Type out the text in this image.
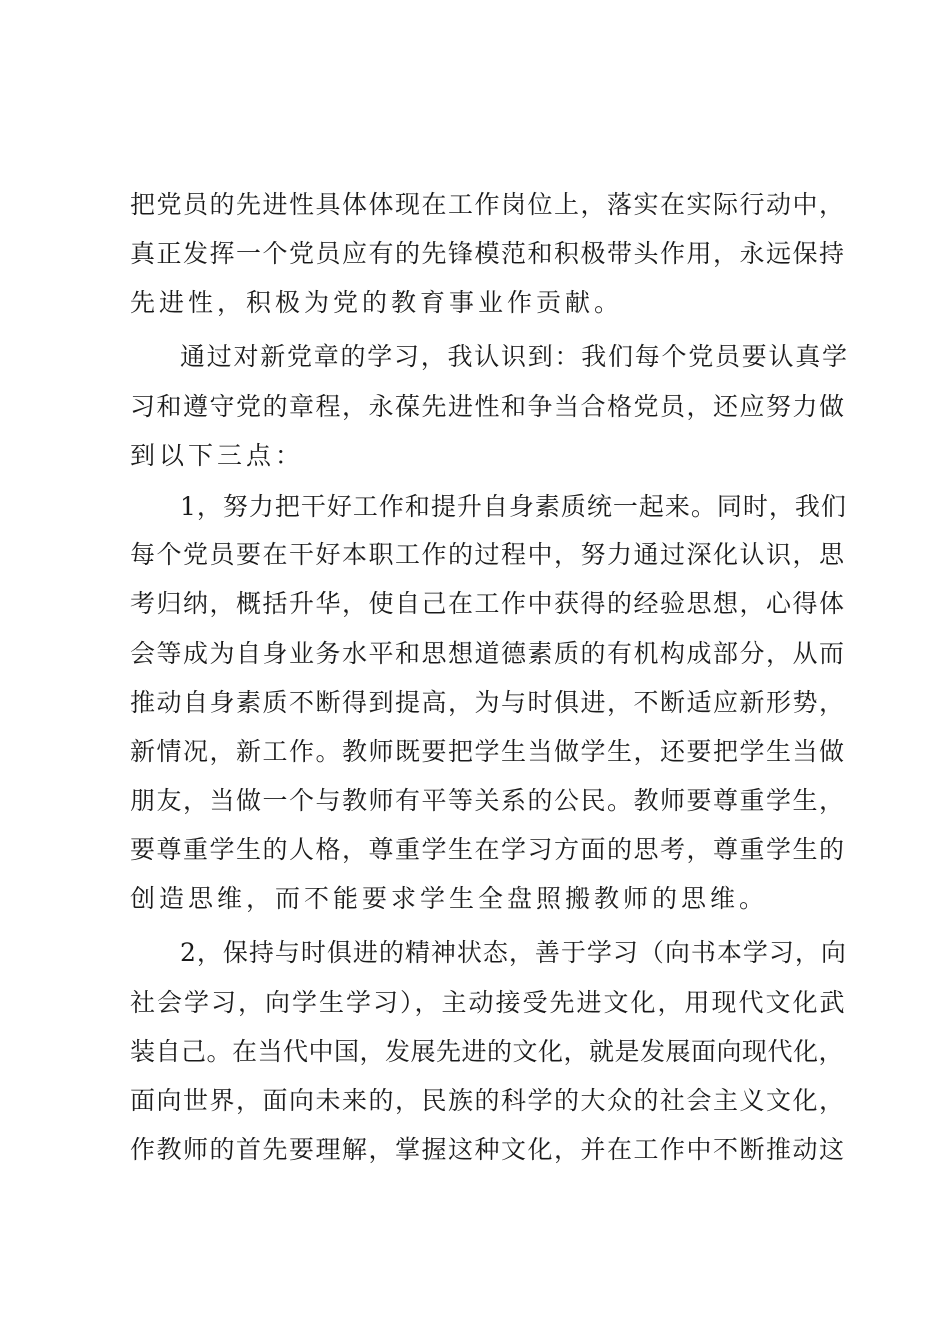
把党员的先进性具体体现在工作岗位上，落实在实际行动中，
真正发挥一个党员应有的先锋模范和积极带头作用，永远保持
先进性，积极为党的教育事业作贡献。
通过对新党章的学习，我认识到：我们每个党员要认真学
习和遵守党的章程，永葆先进性和争当合格党员，还应努力做
到以下三点：
1，努力把干好工作和提升自身素质统一起来。同时，我们
每个党员要在干好本职工作的过程中，努力通过深化认识，思
考归纳，概括升华，使自己在工作中获得的经验思想，心得体
会等成为自身业务水平和思想道德素质的有机构成部分，从而
推动自身素质不断得到提高，为与时俱进，不断适应新形势，
新情况，新工作。教师既要把学生当做学生，还要把学生当做
朋友，当做一个与教师有平等关系的公民。教师要尊重学生，
要尊重学生的人格，尊重学生在学习方面的思考，尊重学生的
创造思维，而不能要求学生全盘照搬教师的思维。
2，保持与时俱进的精神状态，善于学习（向书本学习，向
社会学习，向学生学习），主动接受先进文化，用现代文化武
装自己。在当代中国，发展先进的文化，就是发展面向现代化，
面向世界，面向未来的，民族的科学的大众的社会主义文化，
作教师的首先要理解，掌握这种文化，并在工作中不断推动这
